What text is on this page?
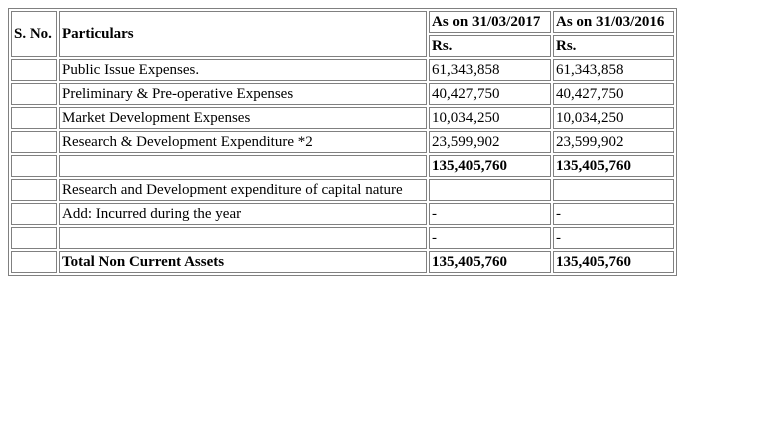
S. No.	Particulars	As on 31/03/2017	As on 31/03/2016
		Rs.	Rs.
	Public Issue Expenses.	61,343,858	61,343,858
	Preliminary & Pre-operative Expenses	40,427,750	40,427,750
	Market Development Expenses	10,034,250	10,034,250
	Research & Development Expenditure *2	23,599,902	23,599,902
		135,405,760	135,405,760
	Research and Development expenditure of capital nature		
	Add: Incurred during the year	-	-
		-	-
	Total Non Current Assets	135,405,760	135,405,760
